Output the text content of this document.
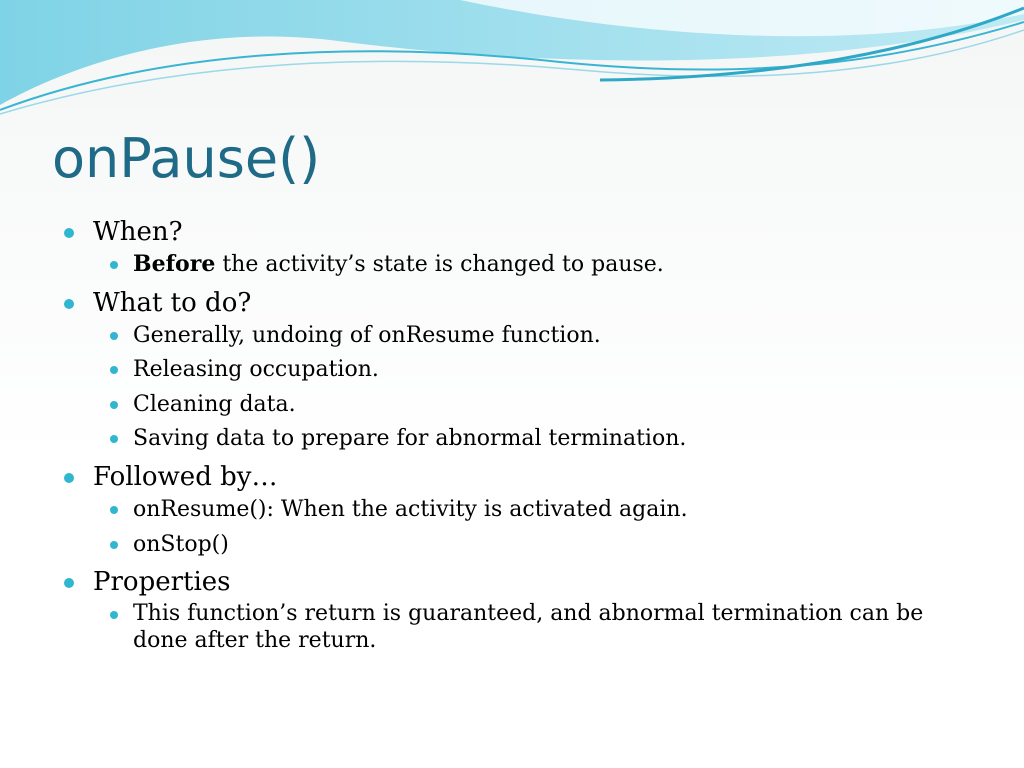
onPause()
When?
Before the activity’s state is changed to pause.
What to do?
Generally, undoing of onResume function.
Releasing occupation.
Cleaning data.
Saving data to prepare for abnormal termination.
Followed by…
onResume(): When the activity is activated again.
onStop()
Properties
This function’s return is guaranteed, and abnormal termination can be done after the return.
